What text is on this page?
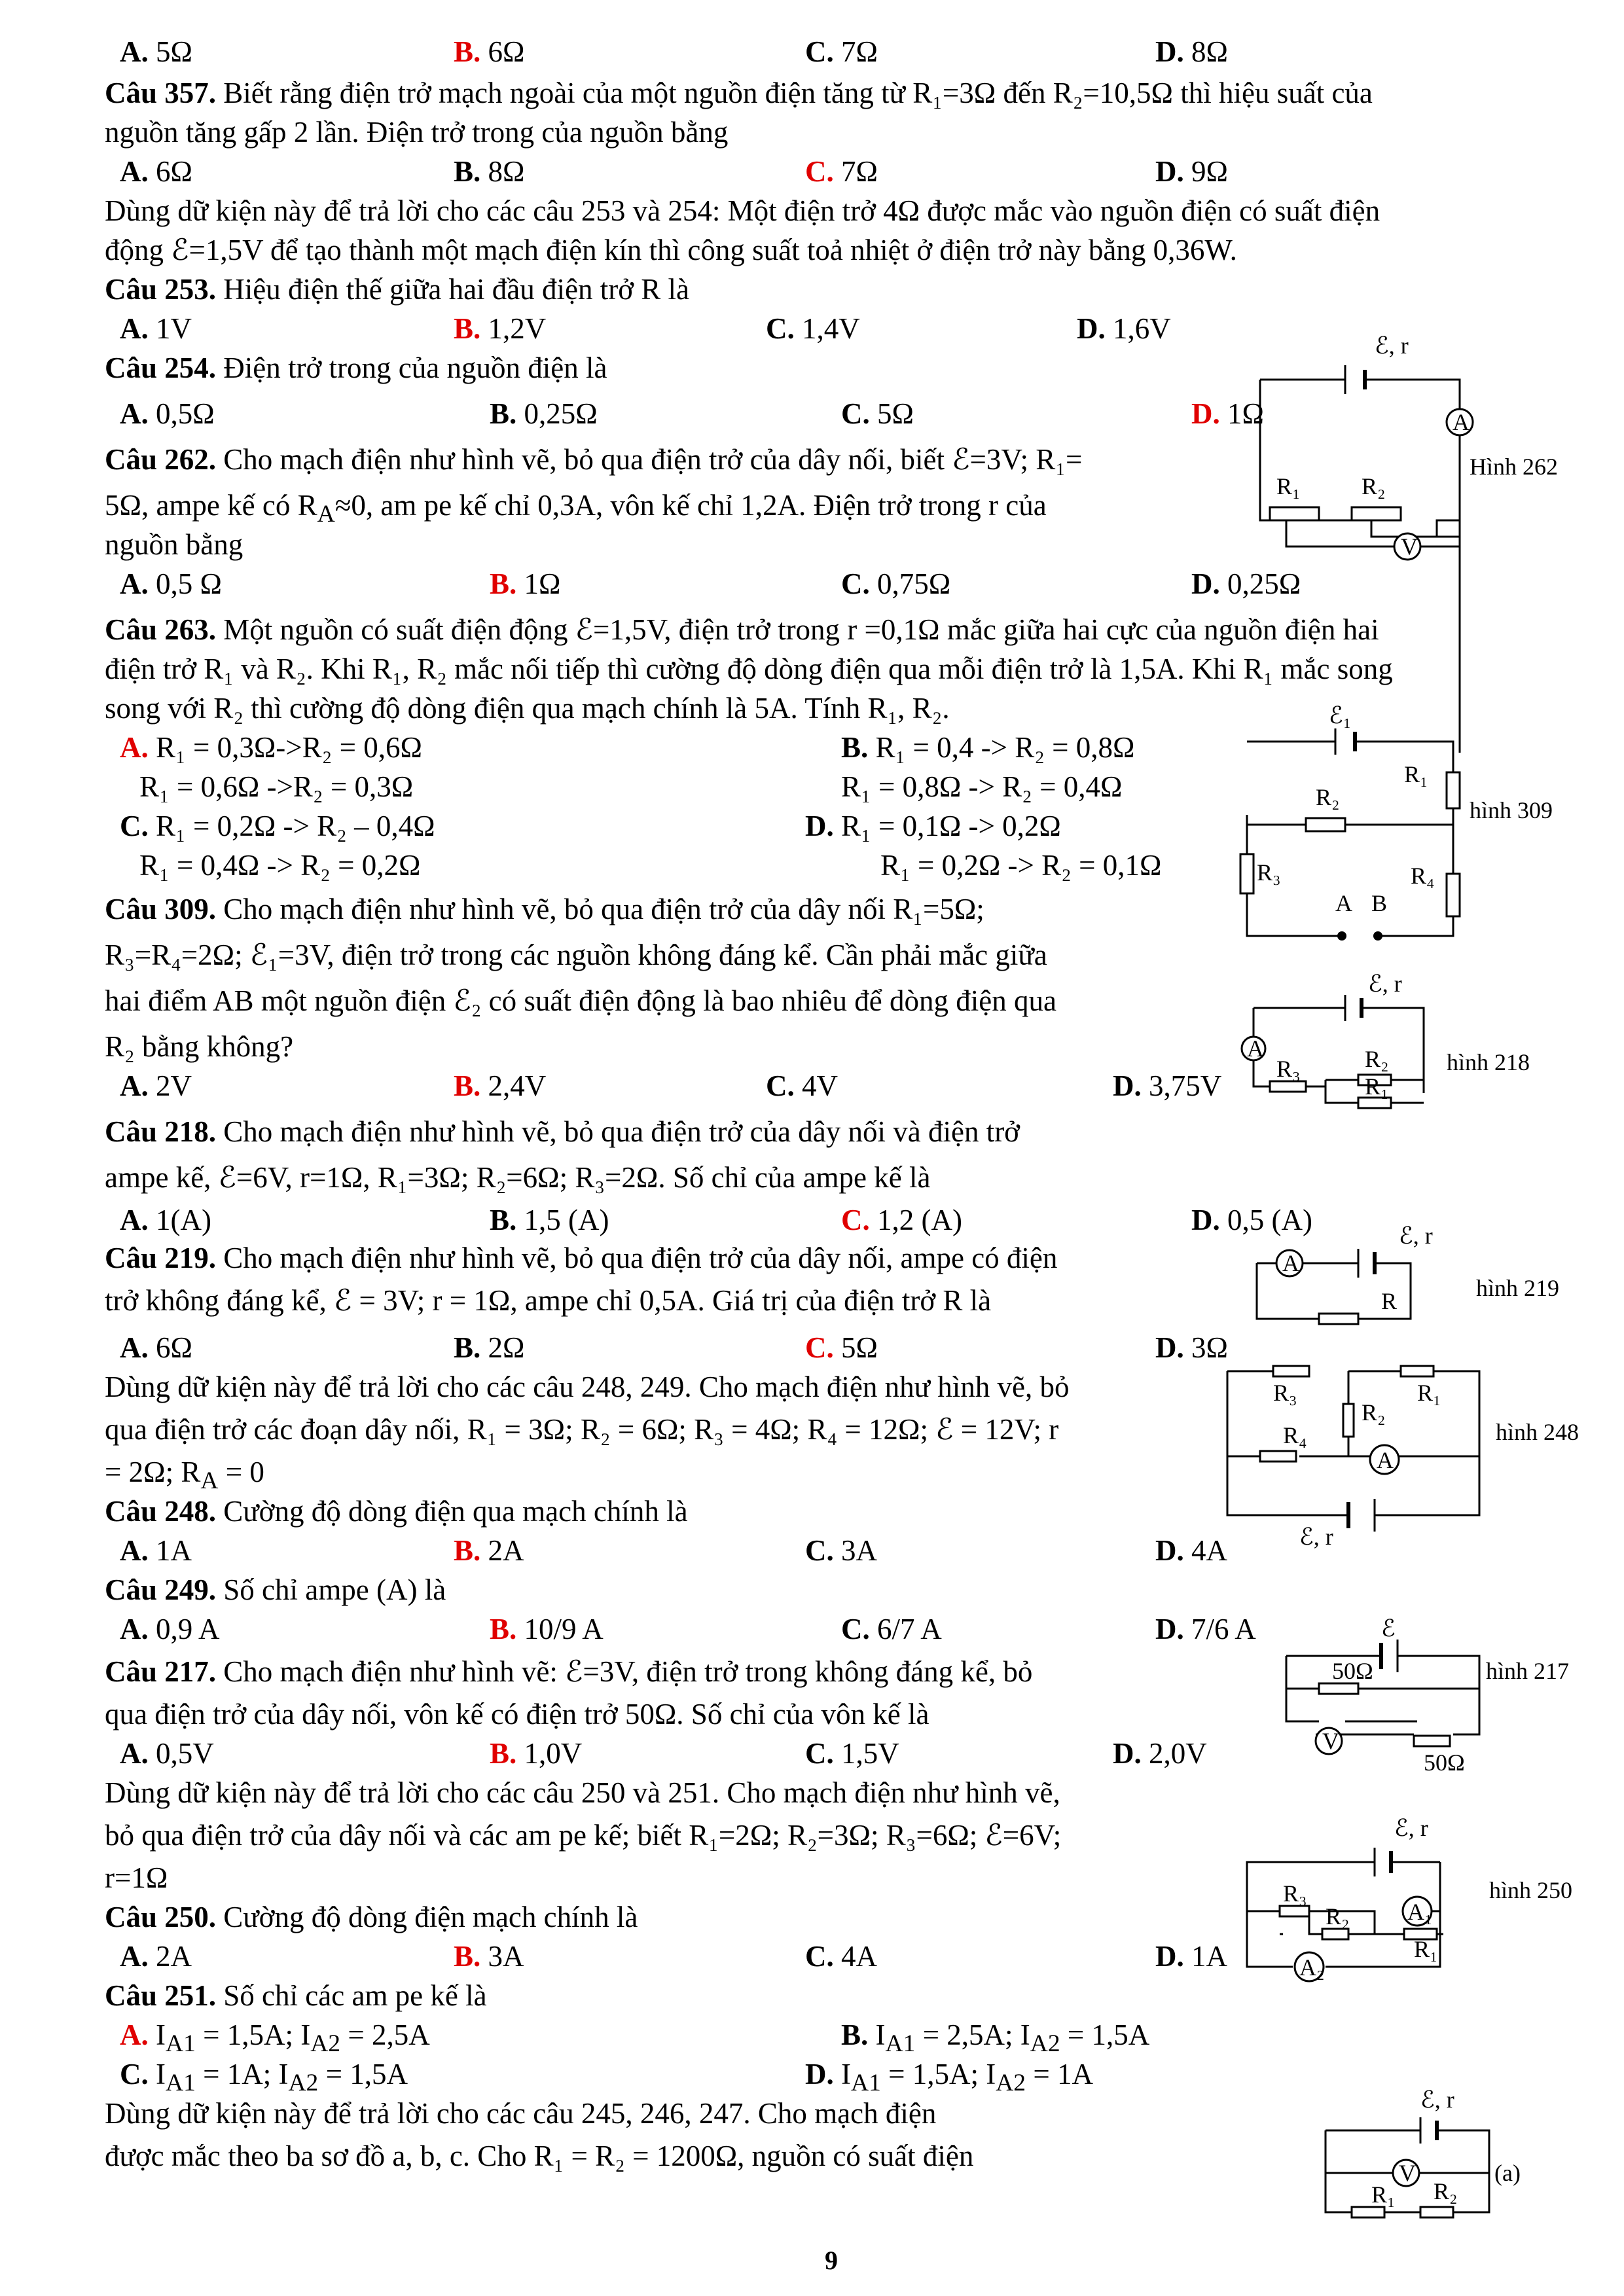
A. 5Ω	B. 6Ω	C. 7Ω	D. 8Ω
Câu 357. Biết rằng điện trở mạch ngoài của một nguồn điện tăng từ R₁=3Ω đến R₂=10,5Ω thì hiệu suất của
nguồn tăng gấp 2 lần. Điện trở trong của nguồn bằng
A. 6Ω	B. 8Ω	C. 7Ω	D. 9Ω
Dùng dữ kiện này để trả lời cho các câu 253 và 254: Một điện trở 4Ω được mắc vào nguồn điện có suất điện
động ℰ=1,5V để tạo thành một mạch điện kín thì công suất toả nhiệt ở điện trở này bằng 0,36W.
Câu 253. Hiệu điện thế giữa hai đầu điện trở R là
A. 1V	B. 1,2V	C. 1,4V	D. 1,6V
Câu 254. Điện trở trong của nguồn điện là
A. 0,5Ω	B. 0,25Ω	C. 5Ω	D. 1Ω
Câu 262. Cho mạch điện như hình vẽ, bỏ qua điện trở của dây nối, biết ℰ=3V; R₁=
5Ω, ampe kế có $R_A\approx 0$, am pe kế chỉ 0,3A, vôn kế chỉ 1,2A. Điện trở trong r của
nguồn bằng
A. 0,5 Ω	B. 1Ω	C. 0,75Ω	D. 0,25Ω
Câu 263. Một nguồn có suất điện động ℰ=1,5V, điện trở trong r =0,1Ω mắc giữa hai cực của nguồn điện hai
điện trở R₁ và R₂. Khi R₁, R₂ mắc nối tiếp thì cường độ dòng điện qua mỗi điện trở là 1,5A. Khi R₁ mắc song
song với R₂ thì cường độ dòng điện qua mạch chính là 5A. Tính R₁, R₂.
A. R₁ = 0,3Ω->R₂ = 0,6Ω	B. R₁ = 0,4 -> R₂ = 0,8Ω
R₁ = 0,6Ω ->R₂ = 0,3Ω	R₁ = 0,8Ω -> R₂ = 0,4Ω
C. R₁ = 0,2Ω -> R₂ – 0,4Ω	D. R₁ = 0,1Ω -> 0,2Ω
R₁ = 0,4Ω -> R₂ = 0,2Ω	R₁ = 0,2Ω -> R₂ = 0,1Ω
Câu 309. Cho mạch điện như hình vẽ, bỏ qua điện trở của dây nối R₁=5Ω;
R₃=R₄=2Ω; ℰ₁=3V, điện trở trong các nguồn không đáng kể. Cần phải mắc giữa
hai điểm AB một nguồn điện ℰ₂ có suất điện động là bao nhiêu để dòng điện qua
R₂ bằng không?
A. 2V	B. 2,4V	C. 4V	D. 3,75V
Câu 218. Cho mạch điện như hình vẽ, bỏ qua điện trở của dây nối và điện trở
ampe kế, ℰ=6V, r=1Ω, R₁=3Ω; R₂=6Ω; R₃=2Ω. Số chỉ của ampe kế là
A. 1(A)	B. 1,5 (A)	C. 1,2 (A)	D. 0,5 (A)
Câu 219. Cho mạch điện như hình vẽ, bỏ qua điện trở của dây nối, ampe có điện
trở không đáng kể, ℰ = 3V; r = 1Ω, ampe chỉ 0,5A. Giá trị của điện trở R là
A. 6Ω	B. 2Ω	C. 5Ω	D. 3Ω
Dùng dữ kiện này để trả lời cho các câu 248, 249. Cho mạch điện như hình vẽ, bỏ
qua điện trở các đoạn dây nối, R₁ = 3Ω; R₂ = 6Ω; R₃ = 4Ω; R₄ = 12Ω; ℰ = 12V; r
= 2Ω; $R_A = 0$
Câu 248. Cường độ dòng điện qua mạch chính là
A. 1A	B. 2A	C. 3A	D. 4A
Câu 249. Số chỉ ampe (A) là
A. 0,9 A	B. 10/9 A	C. 6/7 A	D. 7/6 A
Câu 217. Cho mạch điện như hình vẽ: ℰ=3V, điện trở trong không đáng kể, bỏ
qua điện trở của dây nối, vôn kế có điện trở 50Ω. Số chỉ của vôn kế là
A. 0,5V	B. 1,0V	C. 1,5V	D. 2,0V
Dùng dữ kiện này để trả lời cho các câu 250 và 251. Cho mạch điện như hình vẽ,
bỏ qua điện trở của dây nối và các am pe kế; biết R₁=2Ω; R₂=3Ω; R₃=6Ω; ℰ=6V;
r=1Ω
Câu 250. Cường độ dòng điện mạch chính là
A. 2A	B. 3A	C. 4A	D. 1A
Câu 251. Số chỉ các am pe kế là
A. $I_{A1} = 1,5A$; $I_{A2} = 2,5A$	B. $I_{A1} = 2,5A$; $I_{A2} = 1,5A$
C. $I_{A1} = 1A$; $I_{A2} = 1,5A$	D. $I_{A1} = 1,5A$; $I_{A2} = 1A$
Dùng dữ kiện này để trả lời cho các câu 245, 246, 247. Cho mạch điện
được mắc theo ba sơ đồ a, b, c. Cho R₁ = R₂ = 1200Ω, nguồn có suất điện
ℰ, r
A
R₁	R₂
V
Hình 262
ℰ₁
R₁
R₂
R₃	R₄
A B
hình 309
ℰ, r
A
R₃	R₂
R₁
hình 218
A
ℰ, r
R	hình 219
R₃	R₁
R₂
R₄
A
ℰ, r
hình 248
ℰ
50Ω
V
50Ω
hình 217
ℰ, r
R₃
R₂ A₁
R₁
A₂
hình 250
ℰ, r
V
R₁ R₂
(a)
9
